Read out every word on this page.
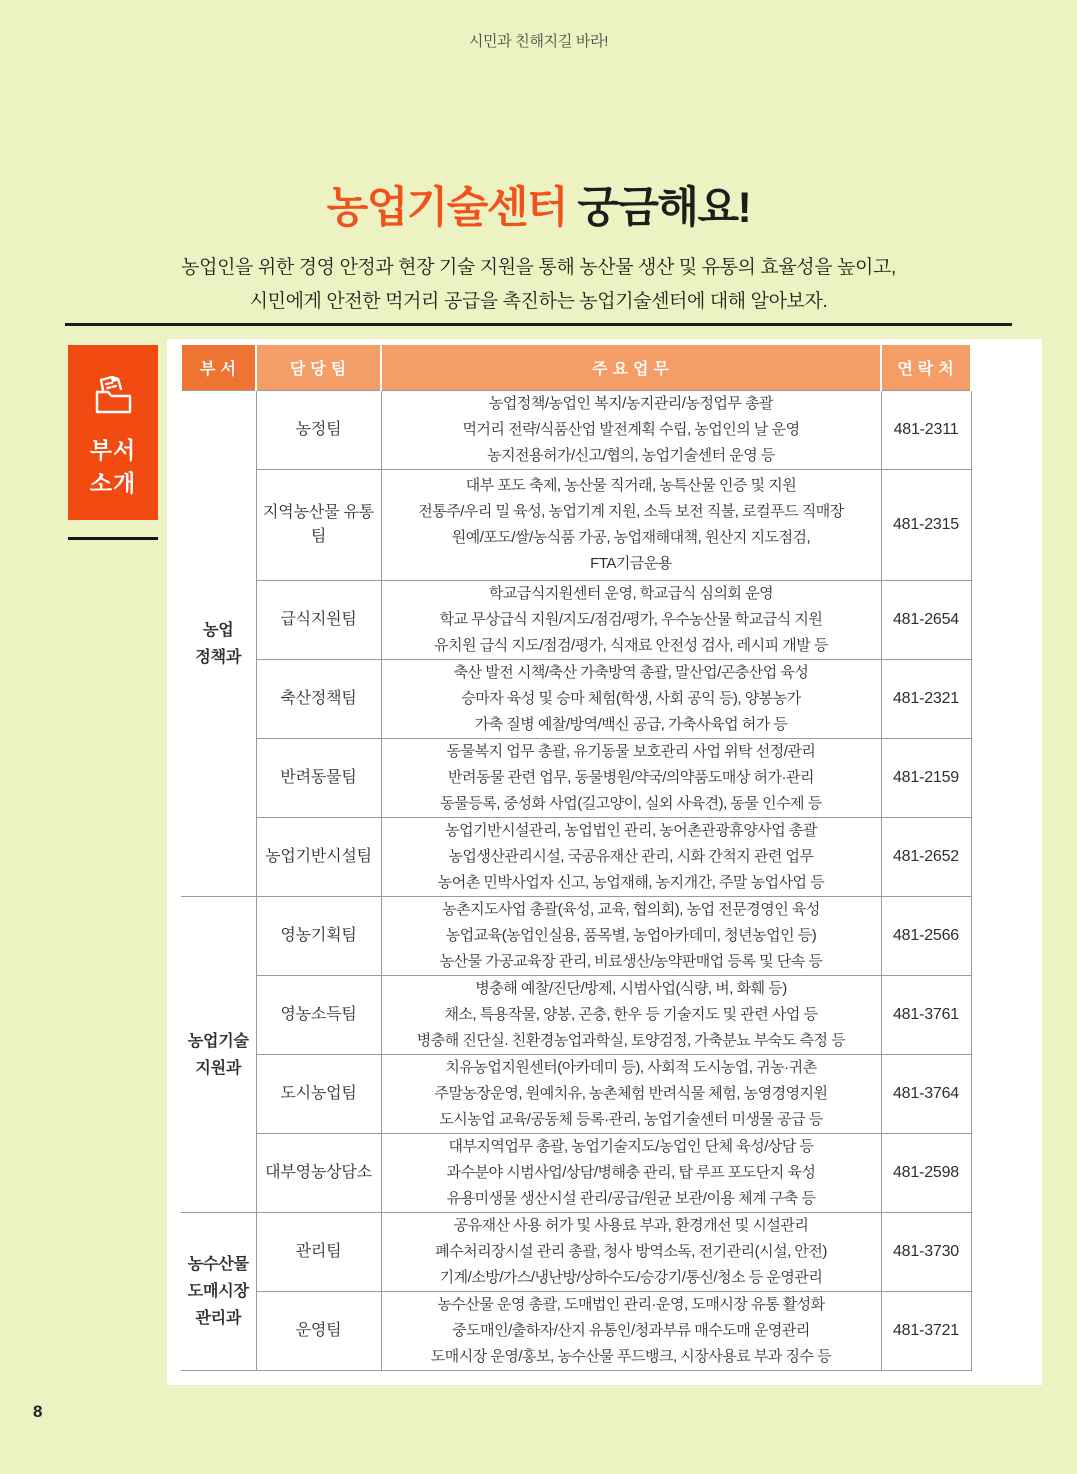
시민과 친해지길 바라!
농업기술센터 궁금해요!
농업인을 위한 경영 안정과 현장 기술 지원을 통해 농산물 생산 및 유통의 효율성을 높이고,
시민에게 안전한 먹거리 공급을 촉진하는 농업기술센터에 대해 알아보자.
부서
소개
부서	담당팀	주요업무	연락처
농업
정책과	농정팀	
농업정책/농업인 복지/농지관리/농정업무 총괄
먹거리 전략/식품산업 발전계획 수립, 농업인의 날 운영
농지전용허가/신고/협의, 농업기술센터 운영 등
	481-2311
	지역농산물 유통팀	대부 포도 축제, 농산물 직거래, 농특산물 인증 및 지원
전통주/우리 밀 육성, 농업기계 지원, 소득 보전 직불, 로컬푸드 직매장
원예/포도/쌀/농식품 가공, 농업재해대책, 원산지 지도점검,
FTA기금운용	481-2315
	급식지원팀	학교급식지원센터 운영, 학교급식 심의회 운영
학교 무상급식 지원/지도/점검/평가, 우수농산물 학교급식 지원
유치원 급식 지도/점검/평가, 식재료 안전성 검사, 레시피 개발 등	481-2654
	축산정책팀	축산 발전 시책/축산 가축방역 총괄, 말산업/곤충산업 육성
승마자 육성 및 승마 체험(학생, 사회 공익 등), 양봉농가
가축 질병 예찰/방역/백신 공급, 가축사육업 허가 등	481-2321
	반려동물팀	동물복지 업무 총괄, 유기동물 보호관리 사업 위탁 선정/관리
반려동물 관련 업무, 동물병원/약국/의약품도매상 허가·관리
동물등록, 중성화 사업(길고양이, 실외 사육견), 동물 인수제 등	481-2159
	농업기반시설팀	농업기반시설관리, 농업법인 관리, 농어촌관광휴양사업 총괄
농업생산관리시설, 국공유재산 관리, 시화 간척지 관련 업무
농어촌 민박사업자 신고, 농업재해, 농지개간, 주말 농업사업 등	481-2652
농업기술
지원과	영농기획팀	
농촌지도사업 총괄(육성, 교육, 협의회), 농업 전문경영인 육성
농업교육(농업인실용, 품목별, 농업아카데미, 청년농업인 등)
농산물 가공교육장 관리, 비료생산/농약판매업 등록 및 단속 등
	481-2566
	영농소득팀	병충해 예찰/진단/방제, 시범사업(식량, 벼, 화훼 등)
채소, 특용작물, 양봉, 곤충, 한우 등 기술지도 및 관련 사업 등
병충해 진단실. 친환경농업과학실, 토양검정, 가축분뇨 부숙도 측정 등	481-3761
	도시농업팀	치유농업지원센터(아카데미 등), 사회적 도시농업, 귀농·귀촌
주말농장운영, 원예치유, 농촌체험 반려식물 체험, 농영경영지원
도시농업 교육/공동체 등록·관리, 농업기술센터 미생물 공급 등	481-3764
	대부영농상담소	대부지역업무 총괄, 농업기술지도/농업인 단체 육성/상담 등
과수분야 시범사업/상담/병해충 관리, 탑 루프 포도단지 육성
유용미생물 생산시설 관리/공급/원균 보관/이용 체계 구축 등	481-2598
농수산물
도매시장
관리과	관리팀	
공유재산 사용 허가 및 사용료 부과, 환경개선 및 시설관리
폐수처리장시설 관리 총괄, 청사 방역소독, 전기관리(시설, 안전)
기계/소방/가스/냉난방/상하수도/승강기/통신/청소 등 운영관리
	481-3730
	운영팀	농수산물 운영 총괄, 도매법인 관리·운영, 도매시장 유통 활성화
중도매인/출하자/산지 유통인/청과부류 매수도매 운영관리
도매시장 운영/홍보, 농수산물 푸드뱅크, 시장사용료 부과 징수 등	481-3721
8
